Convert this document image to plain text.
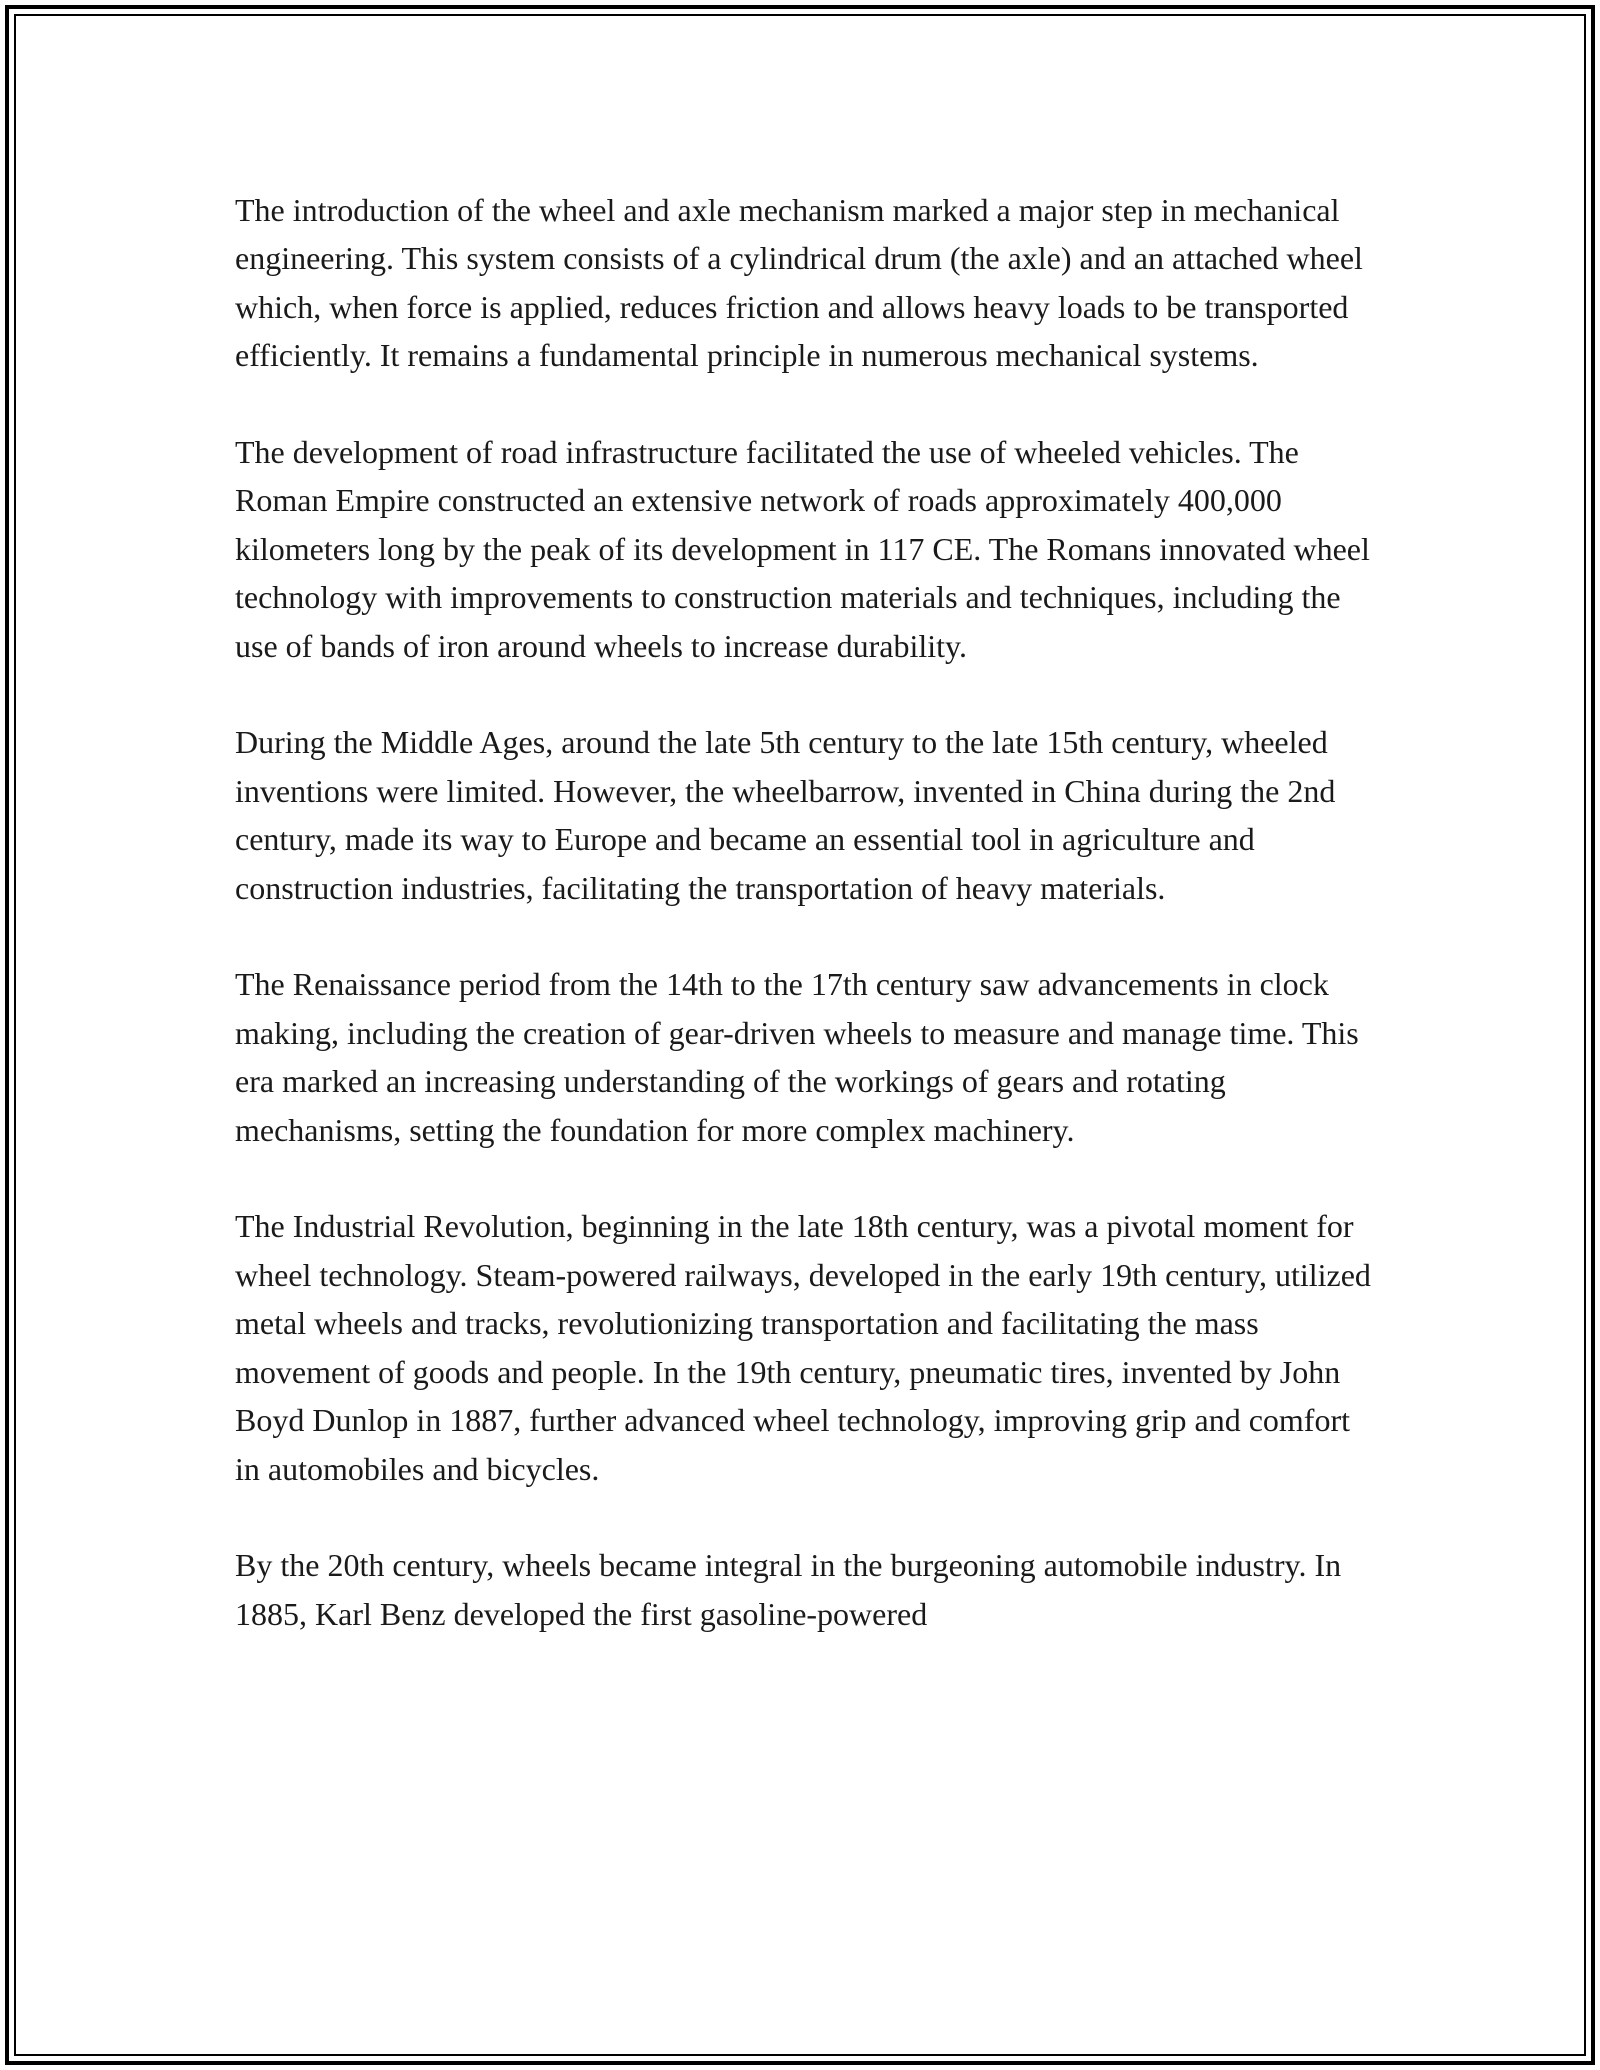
The introduction of the wheel and axle mechanism marked a major step in mechanical engineering. This system consists of a cylindrical drum (the axle) and an attached wheel which, when force is applied, reduces friction and allows heavy loads to be transported efficiently. It remains a fundamental principle in numerous mechanical systems.

The development of road infrastructure facilitated the use of wheeled vehicles. The Roman Empire constructed an extensive network of roads approximately 400,000 kilometers long by the peak of its development in 117 CE. The Romans innovated wheel technology with improvements to construction materials and techniques, including the use of bands of iron around wheels to increase durability.

During the Middle Ages, around the late 5th century to the late 15th century, wheeled inventions were limited. However, the wheelbarrow, invented in China during the 2nd century, made its way to Europe and became an essential tool in agriculture and construction industries, facilitating the transportation of heavy materials.

The Renaissance period from the 14th to the 17th century saw advancements in clock making, including the creation of gear-driven wheels to measure and manage time. This era marked an increasing understanding of the workings of gears and rotating mechanisms, setting the foundation for more complex machinery.

The Industrial Revolution, beginning in the late 18th century, was a pivotal moment for wheel technology. Steam-powered railways, developed in the early 19th century, utilized metal wheels and tracks, revolutionizing transportation and facilitating the mass movement of goods and people. In the 19th century, pneumatic tires, invented by John Boyd Dunlop in 1887, further advanced wheel technology, improving grip and comfort in automobiles and bicycles.

By the 20th century, wheels became integral in the burgeoning automobile industry. In 1885, Karl Benz developed the first gasoline-powered
